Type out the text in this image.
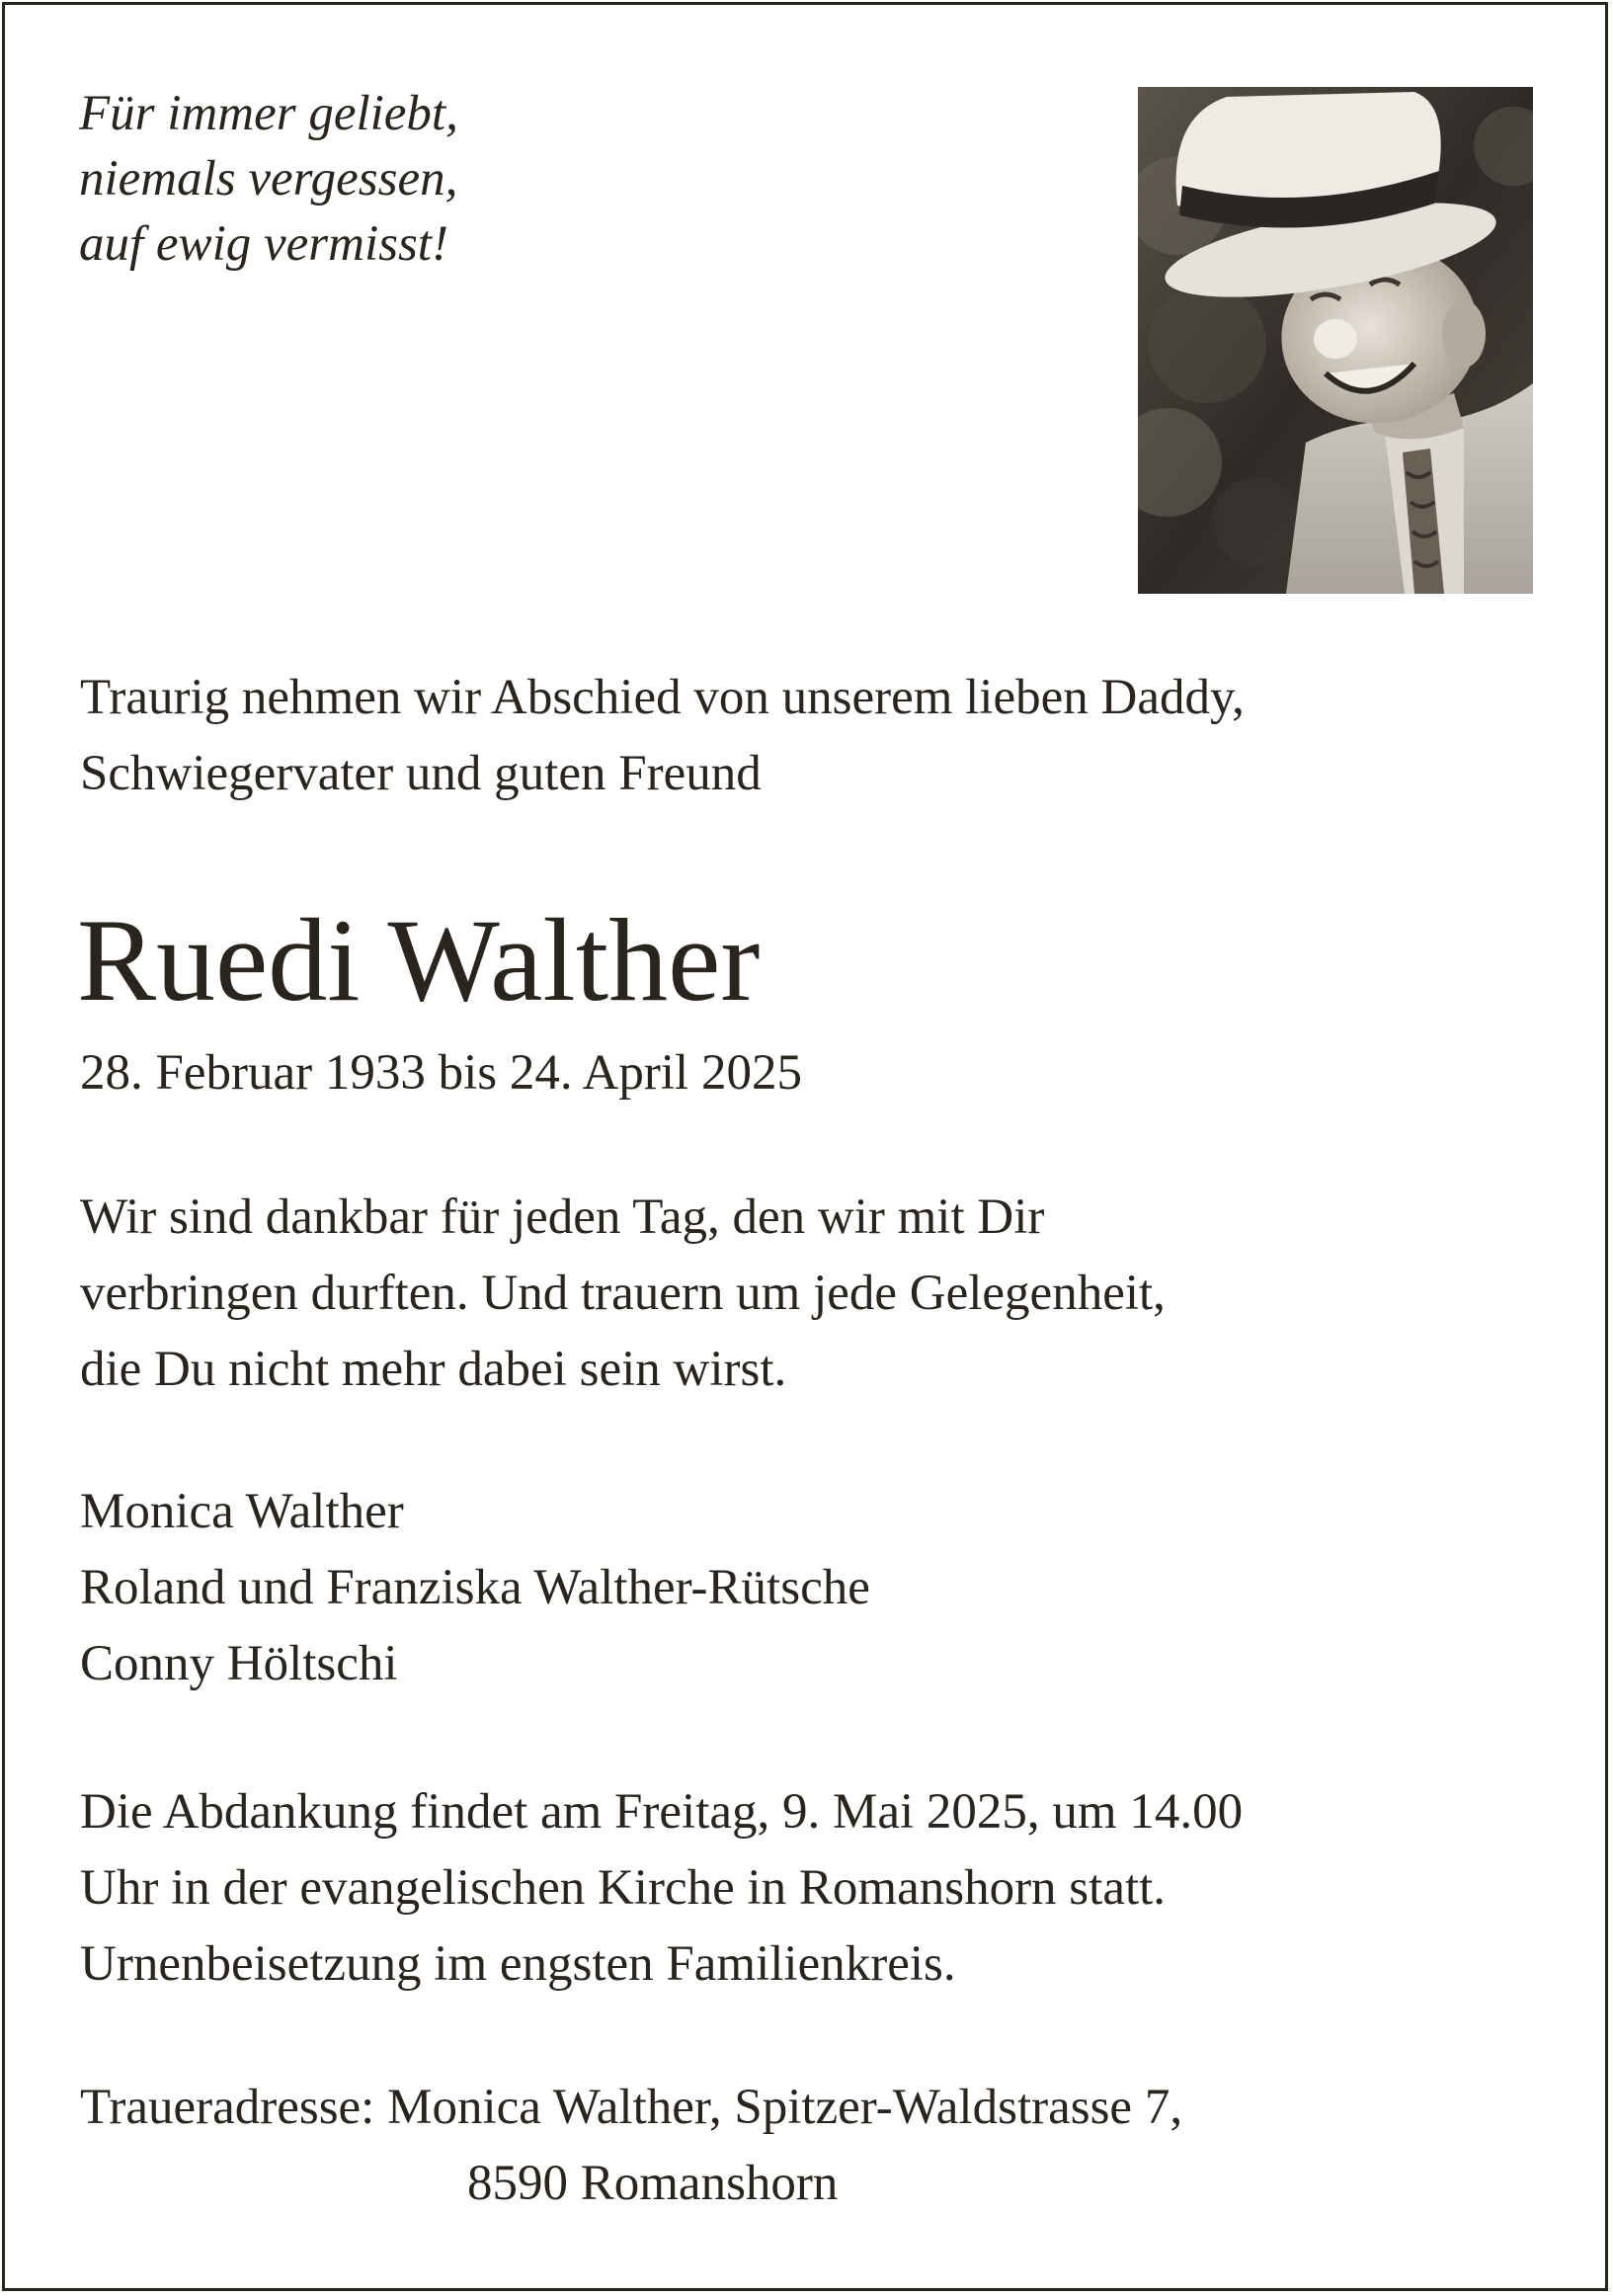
Für immer geliebt,
niemals vergessen,
auf ewig vermisst!
Traurig nehmen wir Abschied von unserem lieben Daddy,
Schwiegervater und guten Freund
Ruedi Walther
28. Februar 1933 bis 24. April 2025
Wir sind dankbar für jeden Tag, den wir mit Dir
verbringen durften. Und trauern um jede Gelegenheit,
die Du nicht mehr dabei sein wirst.
Monica Walther
Roland und Franziska Walther-Rütsche
Conny Höltschi
Die Abdankung findet am Freitag, 9. Mai 2025, um 14.00
Uhr in der evangelischen Kirche in Romanshorn statt.
Urnenbeisetzung im engsten Familienkreis.
Traueradresse: Monica Walther, Spitzer-Waldstrasse 7,
8590 Romanshorn
